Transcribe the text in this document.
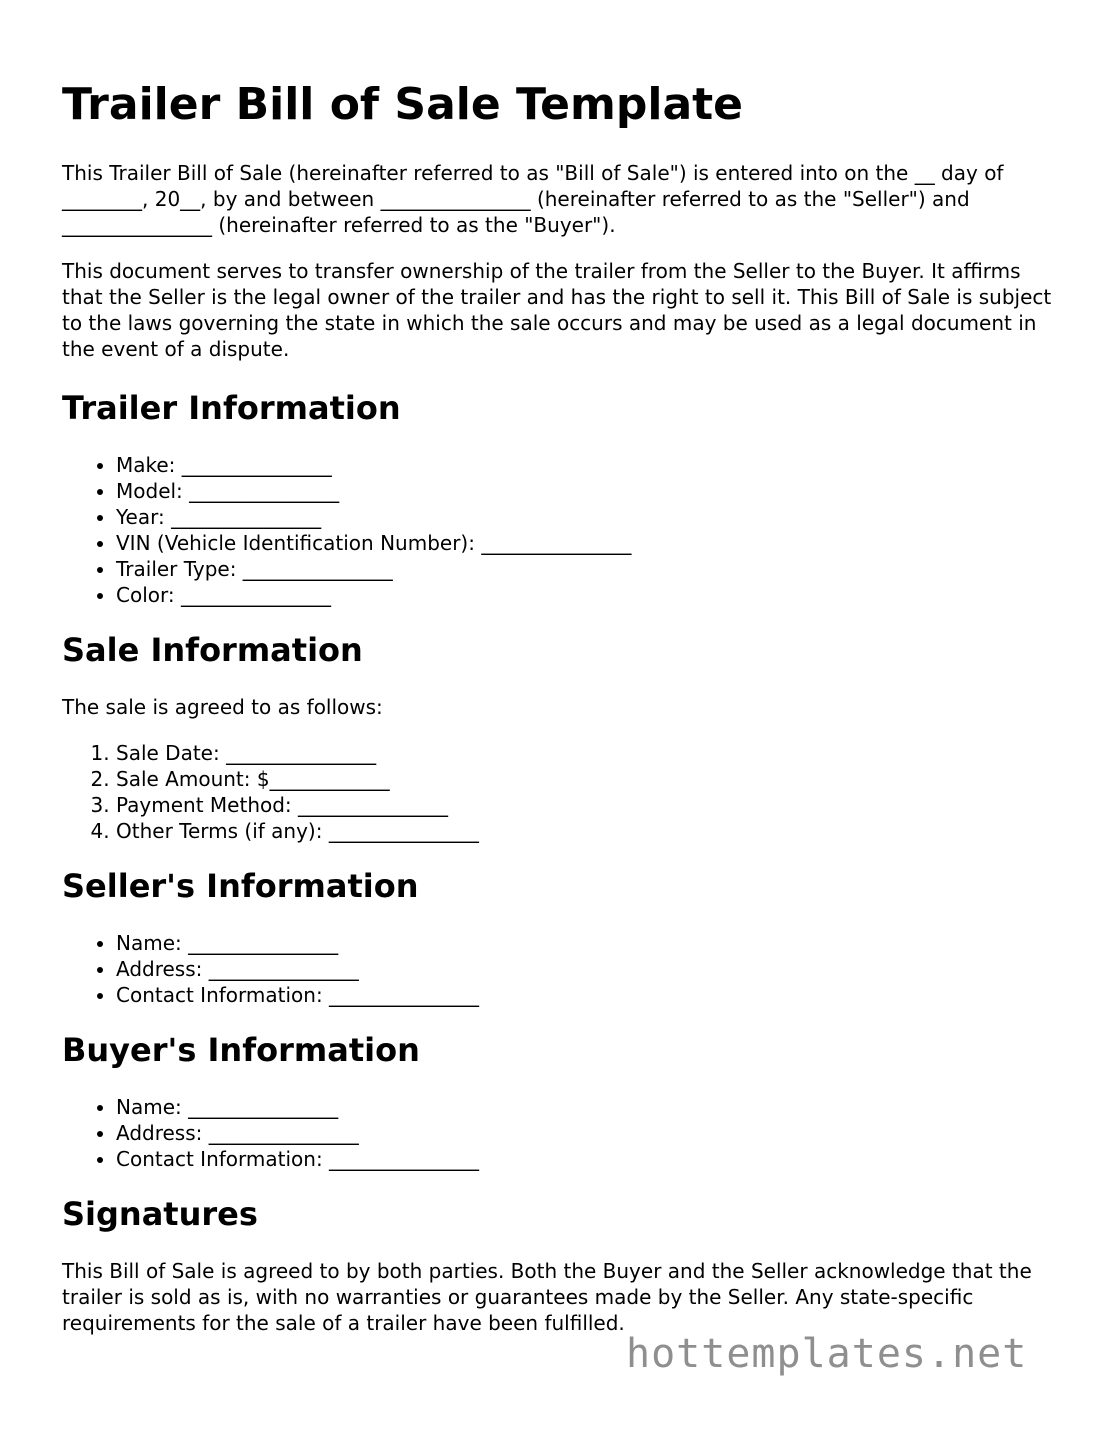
Trailer Bill of Sale Template

This Trailer Bill of Sale (hereinafter referred to as "Bill of Sale") is entered into on the __ day of ________, 20__, by and between _______________ (hereinafter referred to as the "Seller") and _______________ (hereinafter referred to as the "Buyer").

This document serves to transfer ownership of the trailer from the Seller to the Buyer. It affirms that the Seller is the legal owner of the trailer and has the right to sell it. This Bill of Sale is subject to the laws governing the state in which the sale occurs and may be used as a legal document in the event of a dispute.

Trailer Information
• Make: _______________
• Model: _______________
• Year: _______________
• VIN (Vehicle Identification Number): _______________
• Trailer Type: _______________
• Color: _______________
Sale Information

The sale is agreed to as follows:

1. Sale Date: _______________
2. Sale Amount: $____________
3. Payment Method: _______________
4. Other Terms (if any): _______________
Seller's Information
• Name: _______________
• Address: _______________
• Contact Information: _______________
Buyer's Information
• Name: _______________
• Address: _______________
• Contact Information: _______________
Signatures

This Bill of Sale is agreed to by both parties. Both the Buyer and the Seller acknowledge that the trailer is sold as is, with no warranties or guarantees made by the Seller. Any state-specific requirements for the sale of a trailer have been fulfilled.

hottemplates.net
